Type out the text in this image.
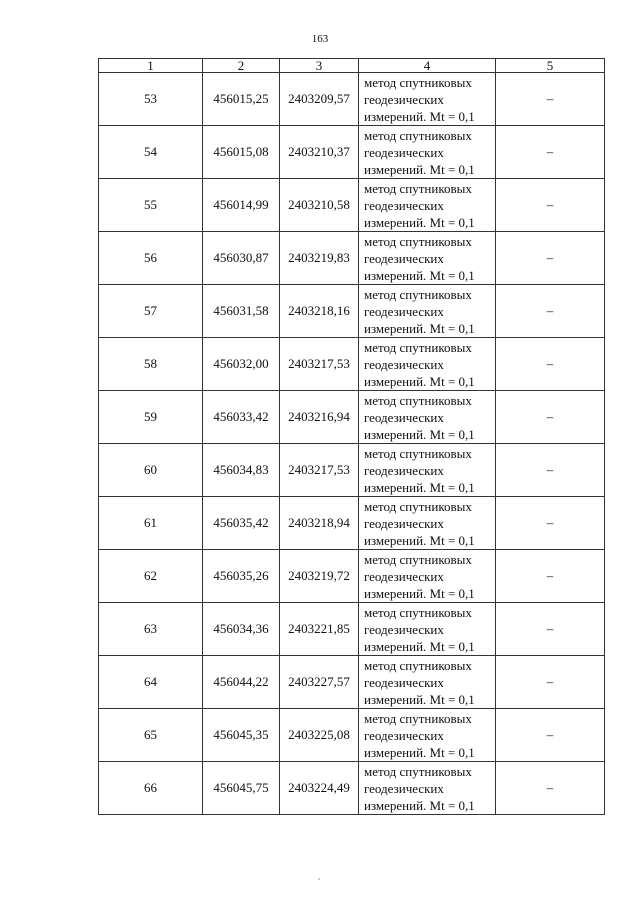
163
1	2	3	4	5
53	456015,25	2403209,57	метод спутниковых
геодезических
измерений. Mt = 0,1	–
54	456015,08	2403210,37	метод спутниковых
геодезических
измерений. Mt = 0,1	–
55	456014,99	2403210,58	метод спутниковых
геодезических
измерений. Mt = 0,1	–
56	456030,87	2403219,83	метод спутниковых
геодезических
измерений. Mt = 0,1	–
57	456031,58	2403218,16	метод спутниковых
геодезических
измерений. Mt = 0,1	–
58	456032,00	2403217,53	метод спутниковых
геодезических
измерений. Mt = 0,1	–
59	456033,42	2403216,94	метод спутниковых
геодезических
измерений. Mt = 0,1	–
60	456034,83	2403217,53	метод спутниковых
геодезических
измерений. Mt = 0,1	–
61	456035,42	2403218,94	метод спутниковых
геодезических
измерений. Mt = 0,1	–
62	456035,26	2403219,72	метод спутниковых
геодезических
измерений. Mt = 0,1	–
63	456034,36	2403221,85	метод спутниковых
геодезических
измерений. Mt = 0,1	–
64	456044,22	2403227,57	метод спутниковых
геодезических
измерений. Mt = 0,1	–
65	456045,35	2403225,08	метод спутниковых
геодезических
измерений. Mt = 0,1	–
66	456045,75	2403224,49	метод спутниковых
геодезических
измерений. Mt = 0,1	–
